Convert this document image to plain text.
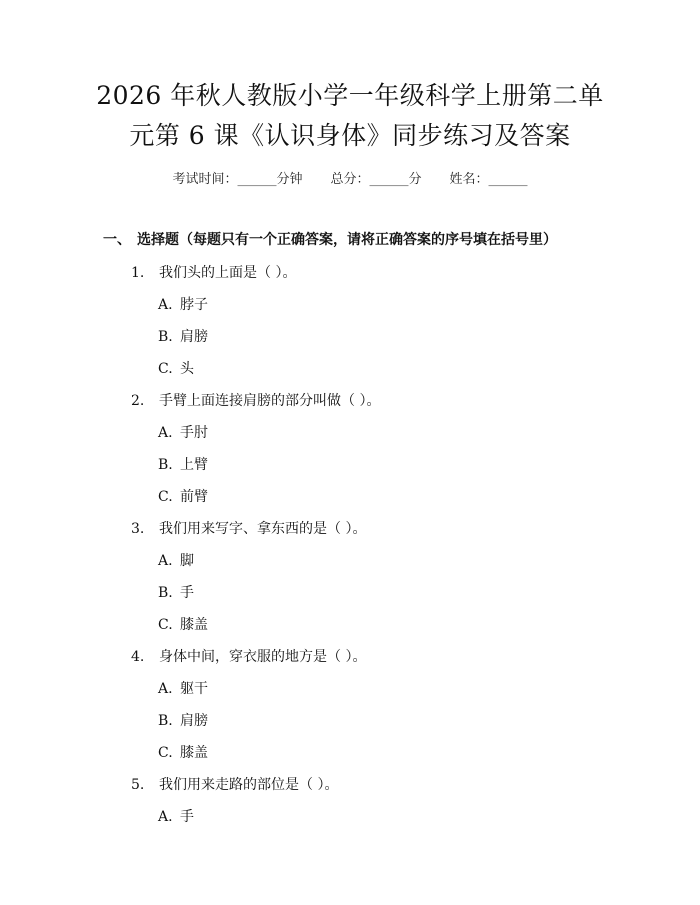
2026 年秋人教版小学一年级科学上册第二单
元第 6 课《认识身体》同步练习及答案
考试时间：______分钟 总分：______分 姓名：______
一、 选择题（每题只有一个正确答案，请将正确答案的序号填在括号里）
1. 我们头的上面是（ ）。
A. 脖子
B. 肩膀
C. 头
2. 手臂上面连接肩膀的部分叫做（ ）。
A. 手肘
B. 上臂
C. 前臂
3. 我们用来写字、拿东西的是（ ）。
A. 脚
B. 手
C. 膝盖
4. 身体中间，穿衣服的地方是（ ）。
A. 躯干
B. 肩膀
C. 膝盖
5. 我们用来走路的部位是（ ）。
A. 手
